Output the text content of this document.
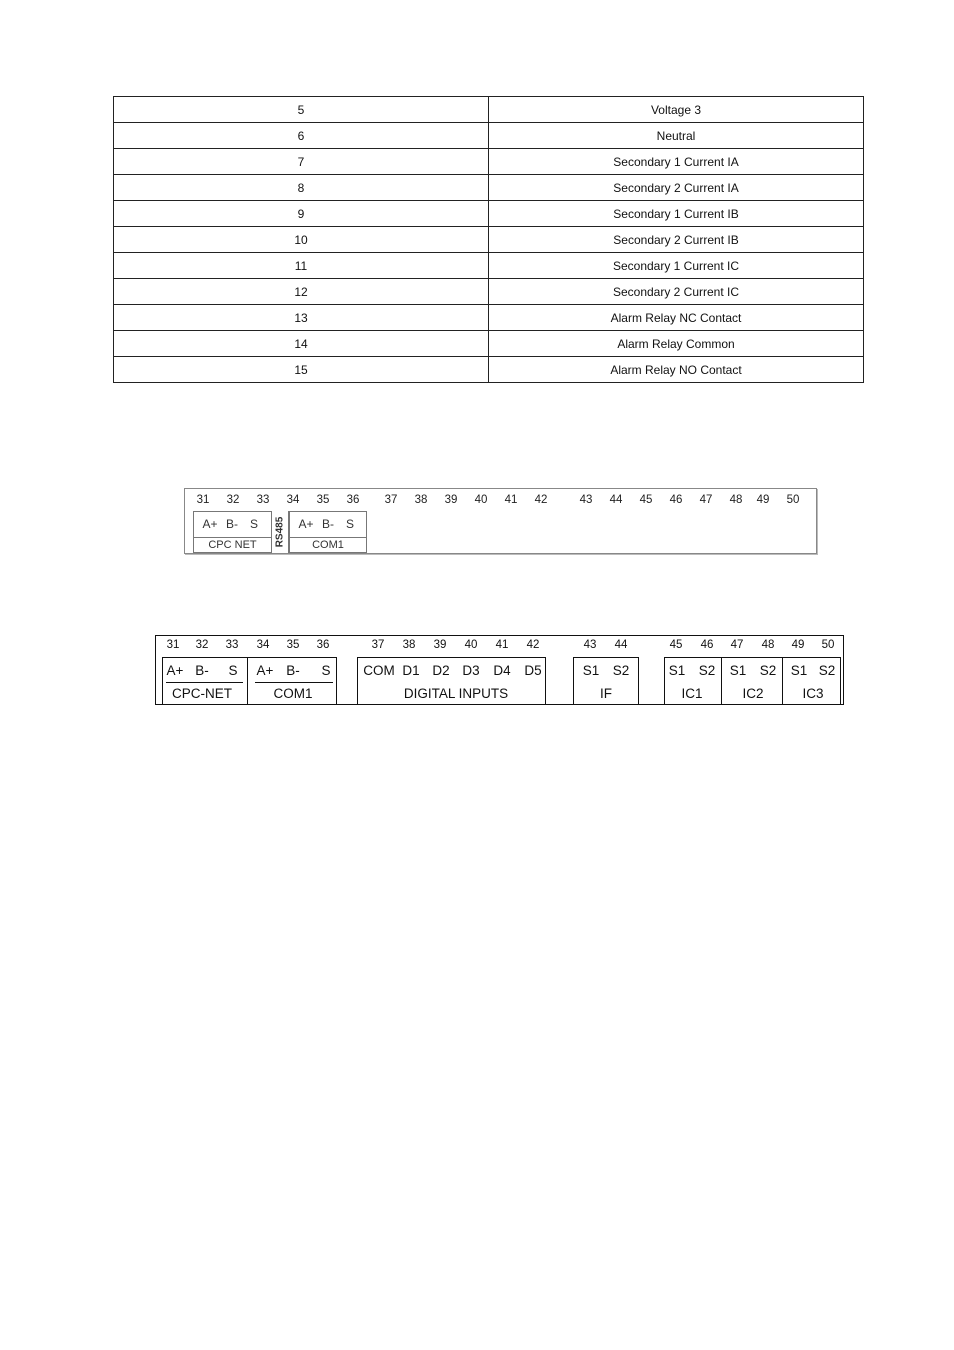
5	Voltage 3
6	Neutral
7	Secondary 1 Current IA
8	Secondary 2 Current IA
9	Secondary 1 Current IB
10	Secondary 2 Current IB
11	Secondary 1 Current IC
12	Secondary 2 Current IC
13	Alarm Relay NC Contact
14	Alarm Relay Common
15	Alarm Relay NO Contact
31	32	33	34	35	36	37	38	39	40	41	42	43	44	45	46	47	48	49	50
A+ B- S
CPC NET	RS485 A+ B- S
COM1
31	32	33	34	35	36	37	38	39	40	41	42	43	44	45	46	47	48	49	50
A+ B- S
CPC-NET
A+ B- S
COM1
COM D1 D2 D3 D4 D5
DIGITAL INPUTS
S1 S2
IF
S1 S2
IC1
S1 S2
IC2
S1 S2
IC3
